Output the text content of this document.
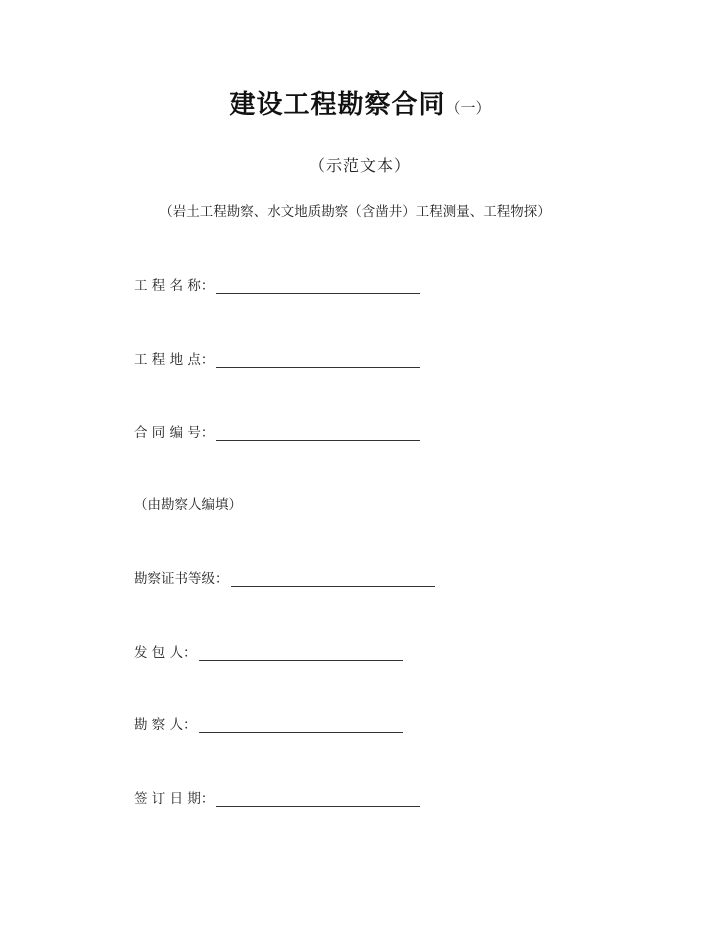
建设工程勘察合同（一）
（示范文本）
（岩土工程勘察、水文地质勘察（含凿井）工程测量、工程物探）
工 程 名 称：
工 程 地 点：
合 同 编 号：
（由勘察人编填）
勘察证书等级：
发 包 人：
勘 察 人：
签 订 日 期：
